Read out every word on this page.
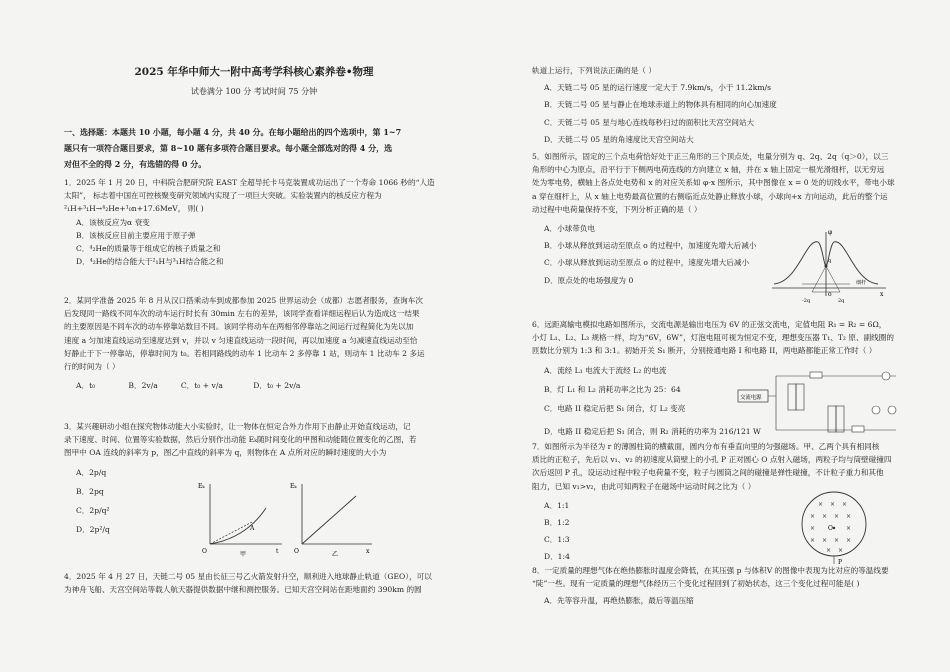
2025 年华中师大一附中高考学科核心素养卷•物理
试卷满分 100 分 考试时间 75 分钟

一、选择题：本题共 10 小题，每小题 4 分，共 40 分。在每小题给出的四个选项中，第 1~7

题只有一项符合题目要求，第 8~10 题有多项符合题目要求。每小题全部选对的得 4 分，选

对但不全的得 2 分，有选错的得 0 分。

1．2025 年 1 月 20 日，中科院合肥研究院 EAST 全超导托卡马克装置成功运出了一个寿命 1066 秒的“人造

太阳”， 标志着中国在可控核聚变研究领域内实现了一项巨大突破。实验装置内的核反应方程为

²₁H+³₁H→⁴₂He+¹₀n+17.6MeV， 则( )

A．该核反应为α 衰变

B．该核反应目前主要应用于原子弹

C．⁴₂He的质量等于组成它的核子质量之和

D．⁴₂He的结合能大于²₁H与³₁H结合能之和

2．某同学准备 2025 年 8 月从汉口搭乘动车到成都参加 2025 世界运动会（成都）志愿者服务，查询车次

后发现同一路线不同车次的动车运行时长有 30min 左右的差异，该同学查看详细运程后认为造成这一结果

的主要原因是不同车次的动车停靠站数目不同。该同学将动车在两相邻停靠站之间运行过程简化为先以加

速度 a 匀加速直线运动至速度达到 v，并以 v 匀速直线运动一段时间，再以加速度 a 匀减速直线运动至恰

好静止于下一停靠站，停靠时间为 t₀。若相同路线的动车 1 比动车 2 多停靠 1 站，则动车 1 比动车 2 多运

行的时间为（ ）

A．t₀	B．2v/a	C．t₀ + v/a	D．t₀ + 2v/a

3．某兴趣研动小组在探究物体动能大小实验时，让一物体在恒定合外力作用下由静止开始直线运动，记

录下速度、时间、位置等实验数据，然后分别作出动能 Eₖ随时间变化的甲图和动能随位置变化的乙图，若

图甲中 OA 连线的斜率为 p，图乙中直线的斜率为 q，则物体在 A 点所对应的瞬时速度的大小为

A．2p/q

B．2pq

C．2p/q²

D．2p²/q

Eₖ
t
O
A
甲
Eₖ
x
O	乙

4．2025 年 4 月 27 日，天链二号 05 星由长征三号乙火箭发射升空，顺利进入地球静止轨道（GEO），可以

为神舟飞船、天宫空间站等载人航天器提供数据中继和测控服务。已知天宫空间站在距地面约 390km 的圆

轨道上运行，下列说法正确的是（ ）

A．天链二号 05 星的运行速度一定大于 7.9km/s，小于 11.2km/s

B．天链二号 05 星与静止在地球赤道上的物体具有相同的向心加速度

C．天链二号 05 星与地心连线每秒扫过的面积比天宫空间站大

D．天链二号 05 星的角速度比天宫空间站大

5．如图所示，固定的三个点电荷恰好处于正三角形的三个顶点处，电量分别为 q、2q、2q（q＞0），以三

角形的中心为原点，沿平行于下侧两电荷连线的方向建立 x 轴，并在 x 轴上固定一根光滑细杆，以无穷远

处为零电势，横轴上各点处电势和 x 的对应关系如 φ-x 图所示，其中图像在 x = 0 处的切线水平，带电小球

a 穿在细杆上，从 x 轴上电势最高位置的右侧临近点处静止释放小球，小球向+x 方向运动，此后的整个运

动过程中电荷量保持不变，下列分析正确的是（ ）

A．小球带负电

B．小球从释放到运动至原点 o 的过程中，加速度先增大后减小

C．小球从释放到运动至原点 o 的过程中，速度先增大后减小

D．原点处的电场强度为 0

φ
x
o
细杆
q
-2q	2q

6．远距离输电模拟电路如图所示，交流电源是输出电压为 6V 的正弦交流电，定值电阻 R₁ = R₂ = 6Ω，

小灯 L₁、L₂、L₃ 规格一样，均为“6V，6W”，灯泡电阻可视为恒定不变，理想变压器 T₁、T₂ 原、副线圈的

匝数比分别为 1:3 和 3:1。初始开关 S₁ 断开，分别接通电路 I 和电路 II，两电路都能正常工作时（ ）

A．流经 L₁ 电流大于流经 L₂ 的电流

B．灯 L₁ 和 L₂ 消耗功率之比为 25：64

C．电路 II 稳定后把 S₁ 闭合，灯 L₂ 变亮

D．电路 II 稳定后把 S₁ 闭合，则 R₂ 消耗的功率为 216/121 W

交流电源

7．如图所示为半径为 r 的薄圆柱筒的横截面，圆内分布有垂直向里的匀强磁场。甲、乙两个具有相同核

质比的正粒子，先后以 v₁、v₂ 的初速度从筒壁上的小孔 P 正对圆心 O 点射入磁场，两粒子均与筒壁碰撞四

次后返回 P 孔，设运动过程中粒子电荷量不变，粒子与圆筒之间的碰撞是弹性碰撞，不计粒子重力和其他

阻力，已知 v₁>v₂，由此可知两粒子在磁场中运动时间之比为（ ）

A．1:1

B．1:2

C．1:3

D．1:4

× × ×
× × × ×
×	×
× × × ×
× ×
O
P

8．一定质量的理想气体在绝热膨胀时温度会降低，在其压强 p 与体积V 的图像中表现为比对应的等温线要

“陡”一些。现有一定质量的理想气体经历三个变化过程回到了初始状态，这三个变化过程可能是( )

A．先等容升温，再绝热膨胀，最后等温压缩
